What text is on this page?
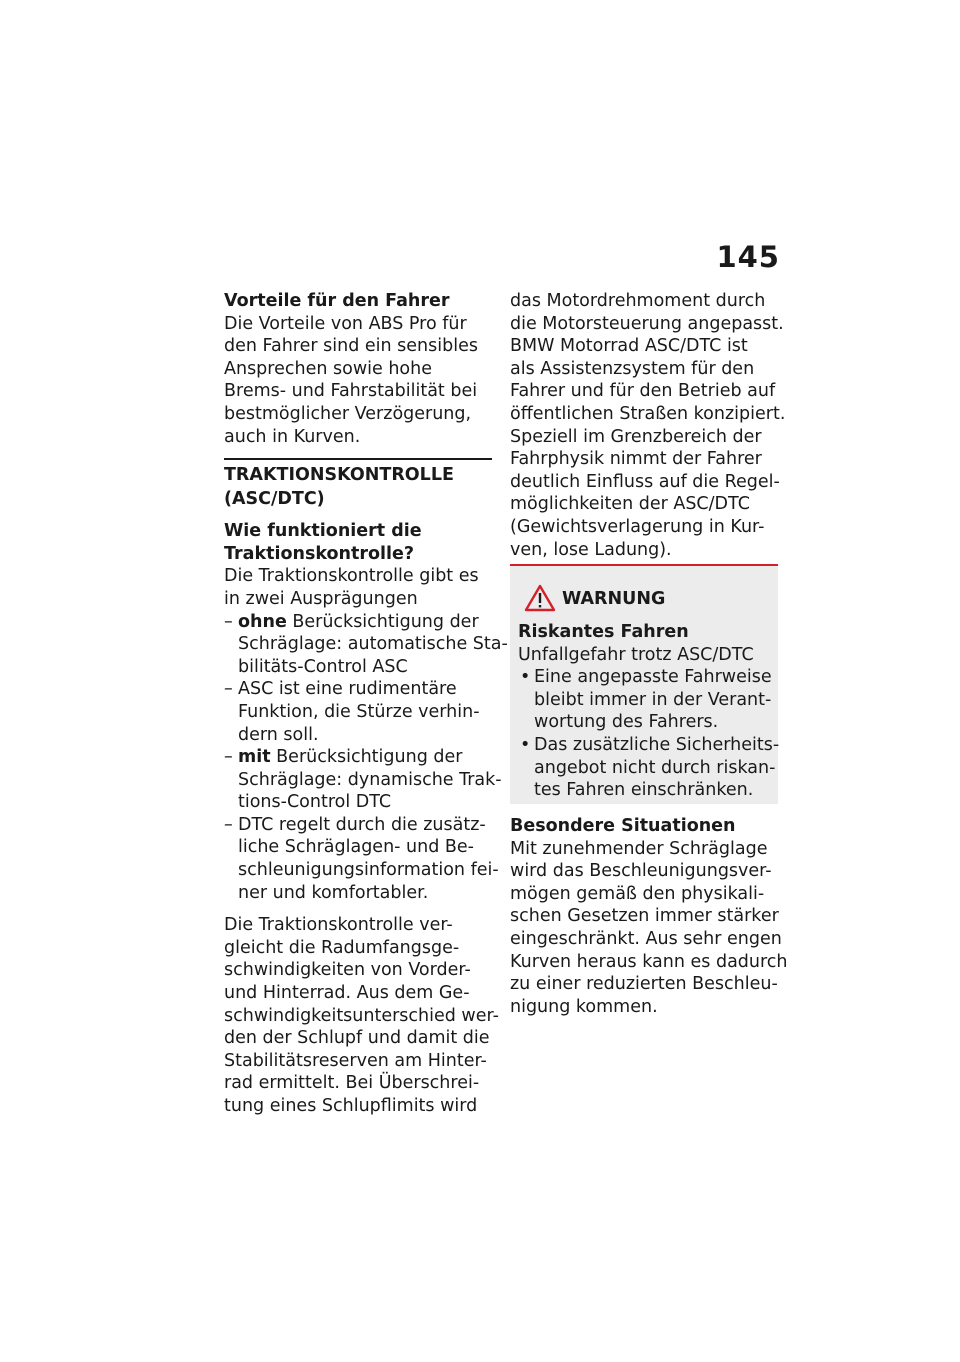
145

Vorteile für den Fahrer

Die Vorteile von ABS Pro für

den Fahrer sind ein sensibles

Ansprechen sowie hohe

Brems- und Fahrstabilität bei

bestmöglicher Verzögerung,

auch in Kurven.

TRAKTIONSKONTROLLE

(ASC/DTC)

Wie funktioniert die

Traktionskontrolle?

Die Traktionskontrolle gibt es

in zwei Ausprägungen

– ohne Berücksichtigung der

Schräglage: automatische Sta-

bilitäts-Control ASC

– ASC ist eine rudimentäre

Funktion, die Stürze verhin-

dern soll.

– mit Berücksichtigung der

Schräglage: dynamische Trak-

tions-Control DTC

– DTC regelt durch die zusätz-

liche Schräglagen- und Be-

schleunigungsinformation fei-

ner und komfortabler.

Die Traktionskontrolle ver-

gleicht die Radumfangsge-

schwindigkeiten von Vorder-

und Hinterrad. Aus dem Ge-

schwindigkeitsunterschied wer-

den der Schlupf und damit die

Stabilitätsreserven am Hinter-

rad ermittelt. Bei Überschrei-

tung eines Schlupflimits wird

das Motordrehmoment durch

die Motorsteuerung angepasst.

BMW Motorrad ASC/DTC ist

als Assistenzsystem für den

Fahrer und für den Betrieb auf

öffentlichen Straßen konzipiert.

Speziell im Grenzbereich der

Fahrphysik nimmt der Fahrer

deutlich Einfluss auf die Regel-

möglichkeiten der ASC/DTC

(Gewichtsverlagerung in Kur-

ven, lose Ladung).

WARNUNG

Riskantes Fahren

Unfallgefahr trotz ASC/DTC

• Eine angepasste Fahrweise

bleibt immer in der Verant-

wortung des Fahrers.

• Das zusätzliche Sicherheits-

angebot nicht durch riskan-

tes Fahren einschränken.

Besondere Situationen

Mit zunehmender Schräglage

wird das Beschleunigungsver-

mögen gemäß den physikali-

schen Gesetzen immer stärker

eingeschränkt. Aus sehr engen

Kurven heraus kann es dadurch

zu einer reduzierten Beschleu-

nigung kommen.
